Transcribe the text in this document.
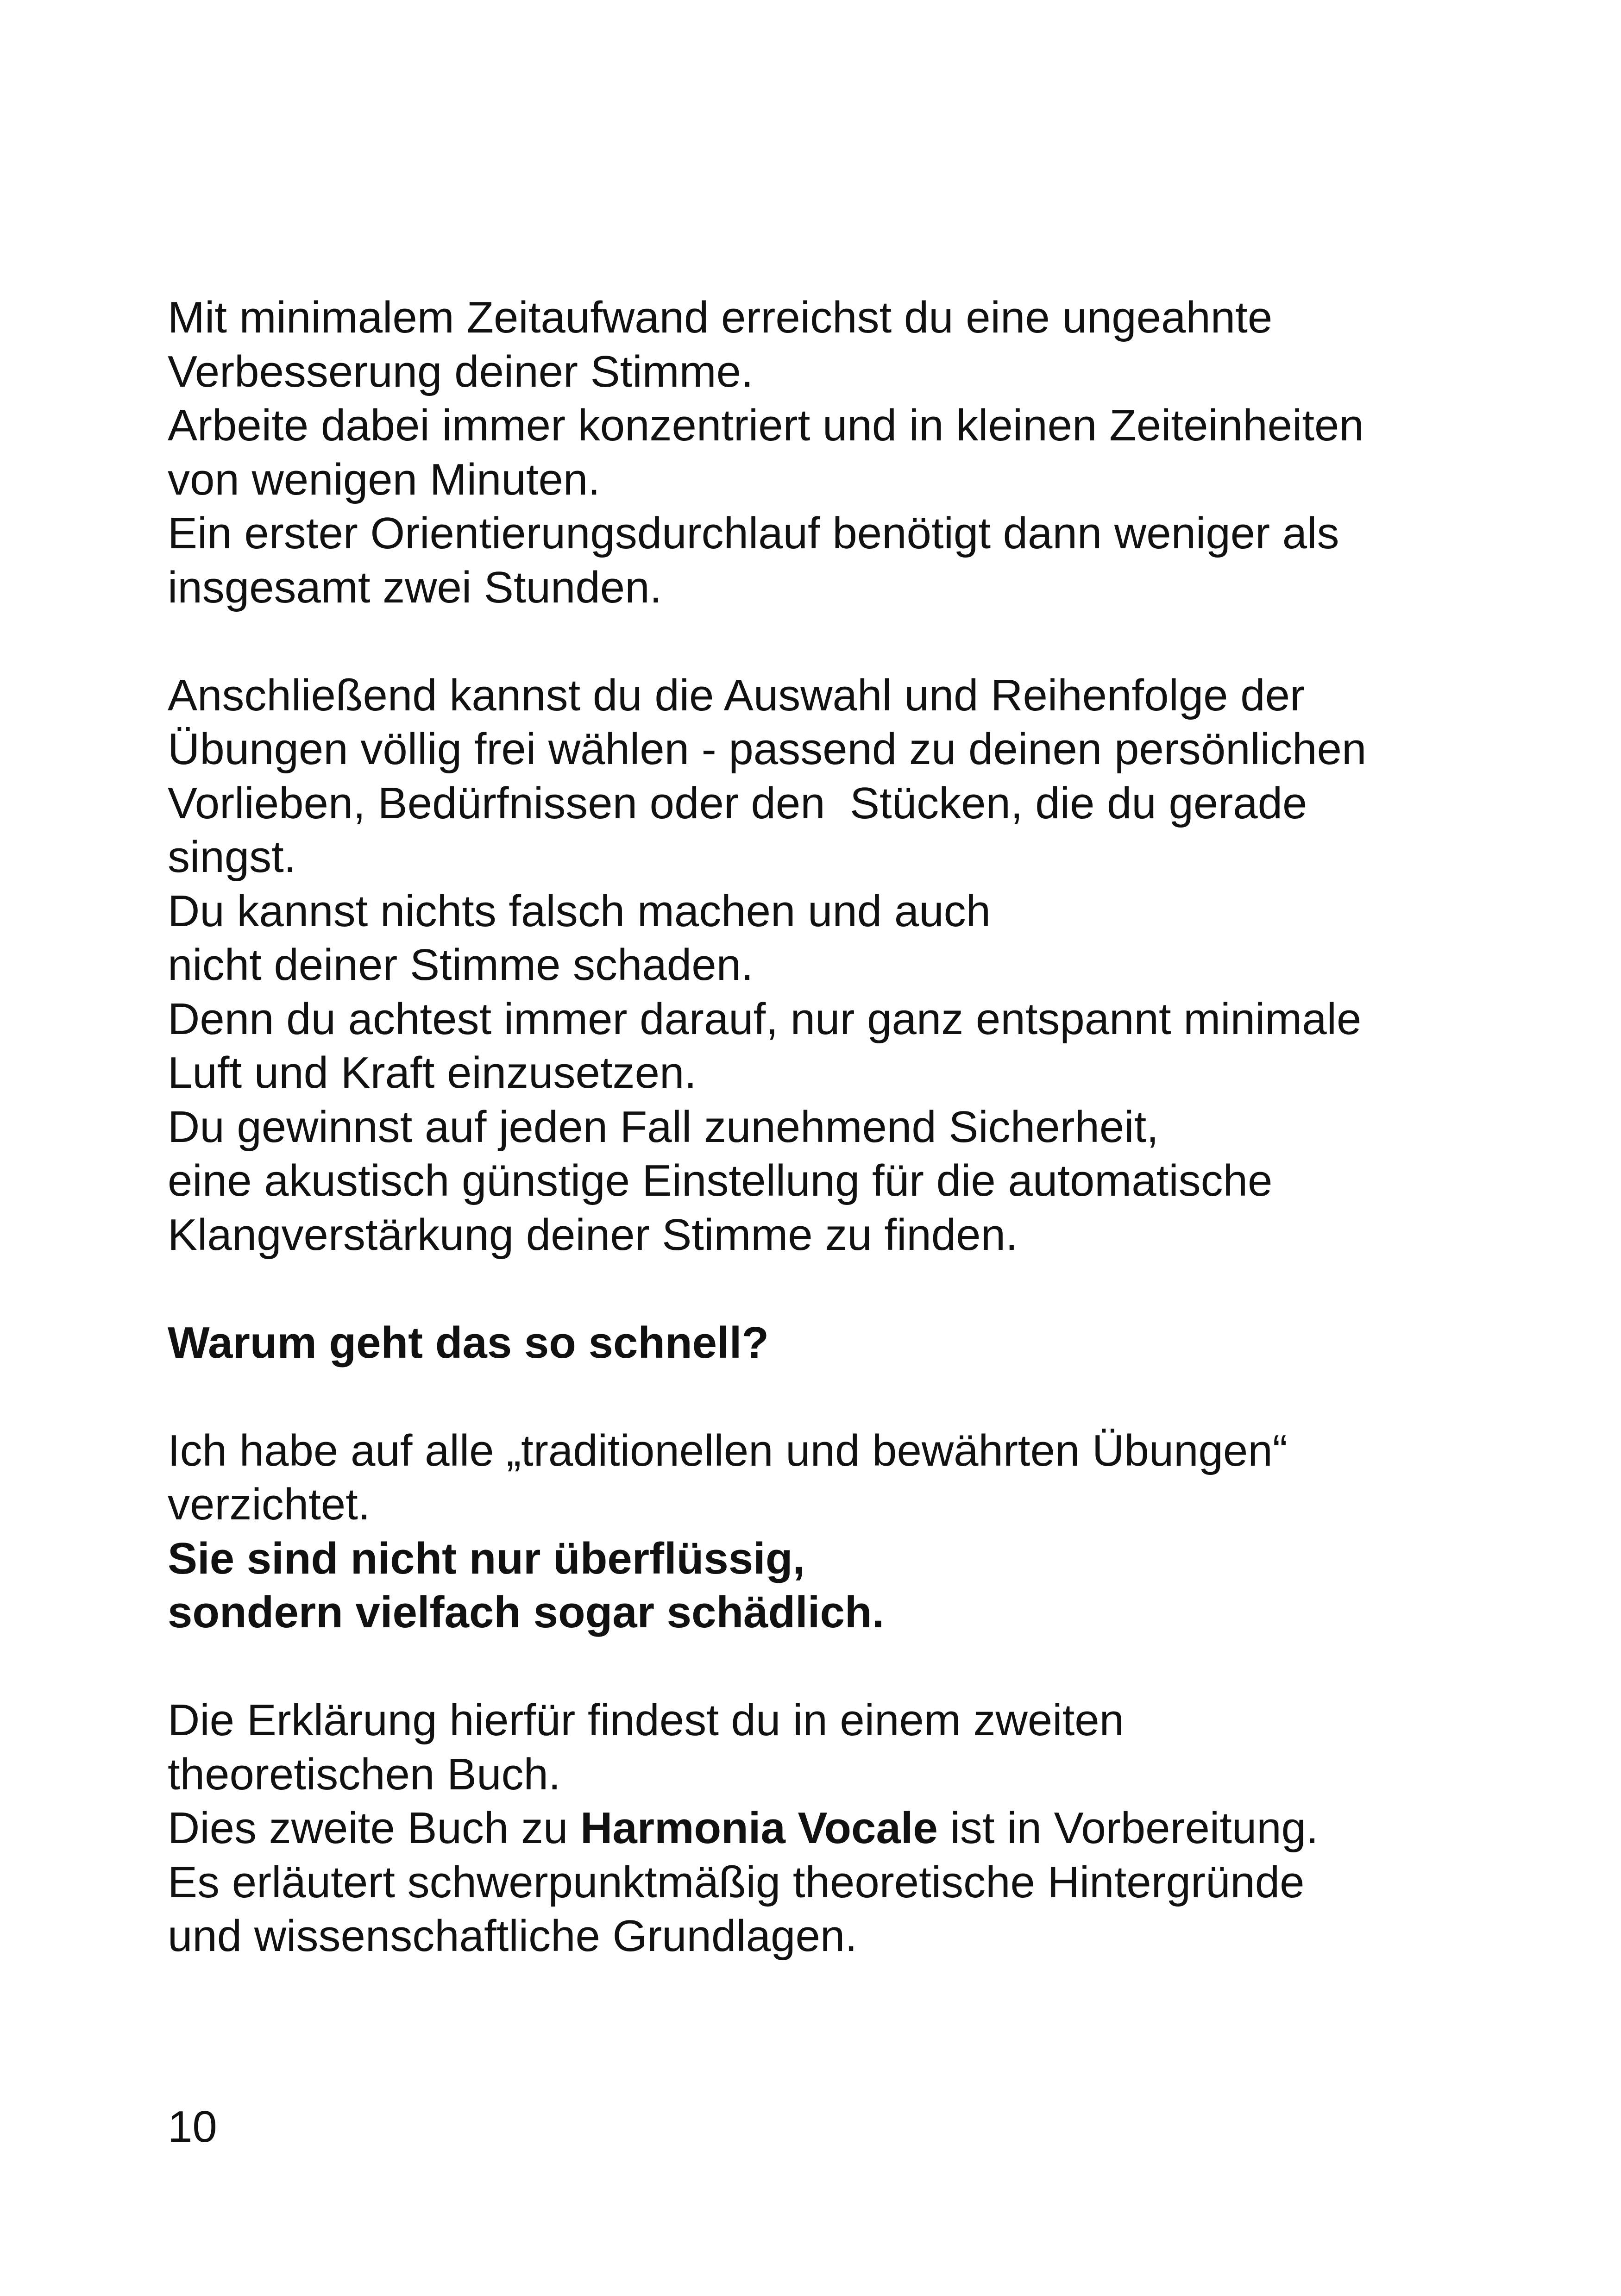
Mit minimalem Zeitaufwand erreichst du eine ungeahnte
Verbesserung deiner Stimme.
Arbeite dabei immer konzentriert und in kleinen Zeiteinheiten
von wenigen Minuten.
Ein erster Orientierungsdurchlauf benötigt dann weniger als
insgesamt zwei Stunden.
Anschließend kannst du die Auswahl und Reihenfolge der
Übungen völlig frei wählen - passend zu deinen persönlichen
Vorlieben, Bedürfnissen oder den  Stücken, die du gerade
singst.
Du kannst nichts falsch machen und auch
nicht deiner Stimme schaden.
Denn du achtest immer darauf, nur ganz entspannt minimale
Luft und Kraft einzusetzen.
Du gewinnst auf jeden Fall zunehmend Sicherheit,
eine akustisch günstige Einstellung für die automatische
Klangverstärkung deiner Stimme zu finden.
Warum geht das so schnell?
Ich habe auf alle „traditionellen und bewährten Übungen“
verzichtet.
Sie sind nicht nur überflüssig,
sondern vielfach sogar schädlich.
Die Erklärung hierfür findest du in einem zweiten
theoretischen Buch.
Dies zweite Buch zu Harmonia Vocale ist in Vorbereitung.
Es erläutert schwerpunktmäßig theoretische Hintergründe
und wissenschaftliche Grundlagen.
10
